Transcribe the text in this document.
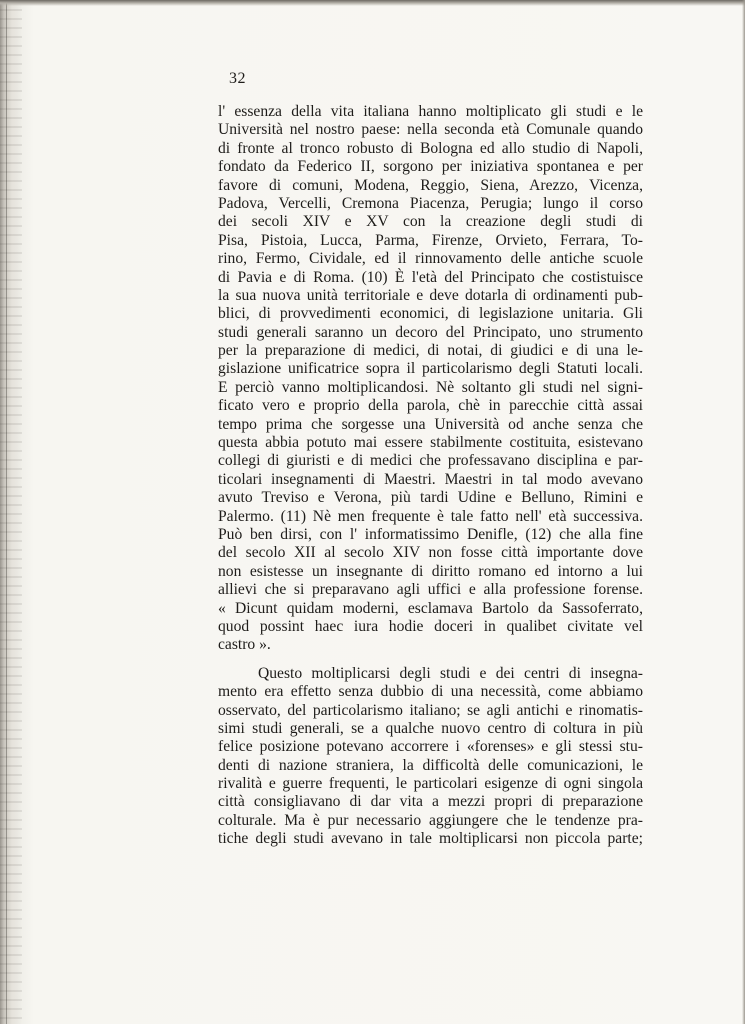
32
l' essenza della vita italiana hanno moltiplicato gli studi e le
Università nel nostro paese: nella seconda età Comunale quando
di fronte al tronco robusto di Bologna ed allo studio di Napoli,
fondato da Federico II, sorgono per iniziativa spontanea e per
favore di comuni, Modena, Reggio, Siena, Arezzo, Vicenza,
Padova, Vercelli, Cremona Piacenza, Perugia; lungo il corso
dei secoli XIV e XV con la creazione degli studi di
Pisa, Pistoia, Lucca, Parma, Firenze, Orvieto, Ferrara, To-
rino, Fermo, Cividale, ed il rinnovamento delle antiche scuole
di Pavia e di Roma. (10) È l'età del Principato che costistuisce
la sua nuova unità territoriale e deve dotarla di ordinamenti pub-
blici, di provvedimenti economici, di legislazione unitaria. Gli
studi generali saranno un decoro del Principato, uno strumento
per la preparazione di medici, di notai, di giudici e di una le-
gislazione unificatrice sopra il particolarismo degli Statuti locali.
E perciò vanno moltiplicandosi. Nè soltanto gli studi nel signi-
ficato vero e proprio della parola, chè in parecchie città assai
tempo prima che sorgesse una Università od anche senza che
questa abbia potuto mai essere stabilmente costituita, esistevano
collegi di giuristi e di medici che professavano disciplina e par-
ticolari insegnamenti di Maestri. Maestri in tal modo avevano
avuto Treviso e Verona, più tardi Udine e Belluno, Rimini e
Palermo. (11) Nè men frequente è tale fatto nell' età successiva.
Può ben dirsi, con l' informatissimo Denifle, (12) che alla fine
del secolo XII al secolo XIV non fosse città importante dove
non esistesse un insegnante di diritto romano ed intorno a lui
allievi che si preparavano agli uffici e alla professione forense.
« Dicunt quidam moderni, esclamava Bartolo da Sassoferrato,
quod possint haec iura hodie doceri in qualibet civitate vel
castro ».
Questo moltiplicarsi degli studi e dei centri di insegna-
mento era effetto senza dubbio di una necessità, come abbiamo
osservato, del particolarismo italiano; se agli antichi e rinomatis-
simi studi generali, se a qualche nuovo centro di coltura in più
felice posizione potevano accorrere i «forenses» e gli stessi stu-
denti di nazione straniera, la difficoltà delle comunicazioni, le
rivalità e guerre frequenti, le particolari esigenze di ogni singola
città consigliavano di dar vita a mezzi propri di preparazione
colturale. Ma è pur necessario aggiungere che le tendenze pra-
tiche degli studi avevano in tale moltiplicarsi non piccola parte;
